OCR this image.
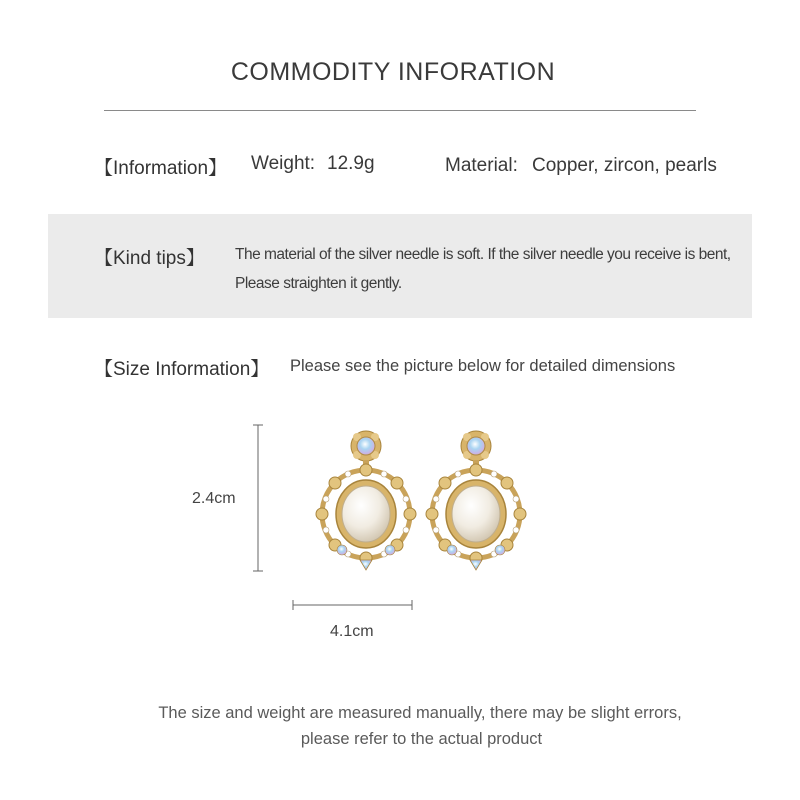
COMMODITY INFORATION
【Information】 Weight: 12.9g	Material: Copper, zircon, pearls
【Kind tips】 The material of the silver needle is soft. If the silver needle you receive is bent,
Please straighten it gently.
【Size Information】 Please see the picture below for detailed dimensions
2.4cm
4.1cm
The size and weight are measured manually, there may be slight errors,
please refer to the actual product
